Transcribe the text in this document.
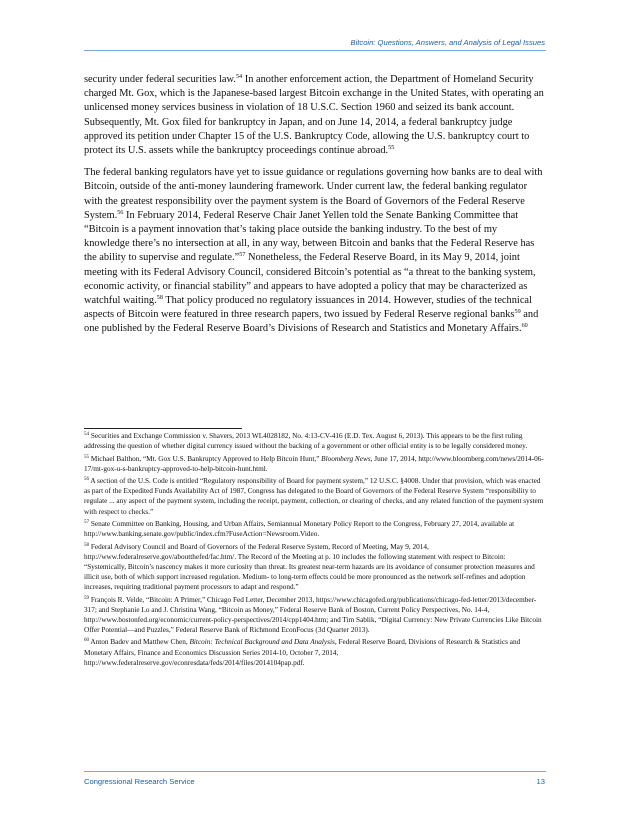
Bitcoin: Questions, Answers, and Analysis of Legal Issues

security under federal securities law.$^{54}$ In another enforcement action, the Department of Homeland Security charged Mt. Gox, which is the Japanese-based largest Bitcoin exchange in the United States, with operating an unlicensed money services business in violation of 18 U.S.C. Section 1960 and seized its bank account. Subsequently, Mt. Gox filed for bankruptcy in Japan, and on June 14, 2014, a federal bankruptcy judge approved its petition under Chapter 15 of the U.S. Bankruptcy Code, allowing the U.S. bankruptcy court to protect its U.S. assets while the bankruptcy proceedings continue abroad.$^{55}$

The federal banking regulators have yet to issue guidance or regulations governing how banks are to deal with Bitcoin, outside of the anti-money laundering framework. Under current law, the federal banking regulator with the greatest responsibility over the payment system is the Board of Governors of the Federal Reserve System.$^{56}$ In February 2014, Federal Reserve Chair Janet Yellen told the Senate Banking Committee that “Bitcoin is a payment innovation that’s taking place outside the banking industry. To the best of my knowledge there’s no intersection at all, in any way, between Bitcoin and banks that the Federal Reserve has the ability to supervise and regulate.”$^{57}$ Nonetheless, the Federal Reserve Board, in its May 9, 2014, joint meeting with its Federal Advisory Council, considered Bitcoin’s potential as “a threat to the banking system, economic activity, or financial stability” and appears to have adopted a policy that may be characterized as watchful waiting.$^{58}$ That policy produced no regulatory issuances in 2014. However, studies of the technical aspects of Bitcoin were featured in three research papers, two issued by Federal Reserve regional banks$^{59}$ and one published by the Federal Reserve Board’s Divisions of Research and Statistics and Monetary Affairs.$^{60}$

$^{54}$ Securities and Exchange Commission v. Shavers, 2013 WL4028182, No. 4:13-CV-416 (E.D. Tex. August 6, 2013). This appears to be the first ruling addressing the question of whether digital currency issued without the backing of a government or other official entity is to be legally considered money.
$^{55}$ Michael Balthon, “Mt. Gox U.S. Bankruptcy Approved to Help Bitcoin Hunt,” Bloomberg News, June 17, 2014, http://www.bloomberg.com/news/2014-06-17/mt-gox-u-s-bankruptcy-approved-to-help-bitcoin-hunt.html.
$^{56}$ A section of the U.S. Code is entitled “Regulatory responsibility of Board for payment system,” 12 U.S.C. §4008. Under that provision, which was enacted as part of the Expedited Funds Availability Act of 1987, Congress has delegated to the Board of Governors of the Federal Reserve System “responsibility to regulate ... any aspect of the payment system, including the receipt, payment, collection, or clearing of checks, and any related function of the payment system with respect to checks.”
$^{57}$ Senate Committee on Banking, Housing, and Urban Affairs, Semiannual Monetary Policy Report to the Congress, February 27, 2014, available at http://www.banking.senate.gov/public/index.cfm?FuseAction=Newsroom.Video.
$^{58}$ Federal Advisory Council and Board of Governors of the Federal Reserve System, Record of Meeting, May 9, 2014, http://www.federalreserve.gov/aboutthefed/fac.htm/. The Record of the Meeting at p. 10 includes the following statement with respect to Bitcoin: “Systemically, Bitcoin’s nascency makes it more curiosity than threat. Its greatest near-term hazards are its avoidance of consumer protection measures and illicit use, both of which support increased regulation. Medium- to long-term effects could be more pronounced as the network self-refines and adoption increases, requiring traditional payment processors to adapt and respond.”
$^{59}$ François R. Velde, “Bitcoin: A Primer,” Chicago Fed Letter, December 2013, https://www.chicagofed.org/publications/chicago-fed-letter/2013/december-317; and Stephanie Lo and J. Christina Wang, “Bitcoin as Money,” Federal Reserve Bank of Boston, Current Policy Perspectives, No. 14-4, http://www.bostonfed.org/economic/current-policy-perspectives/2014/cpp1404.htm; and Tim Sablik, “Digital Currency: New Private Currencies Like Bitcoin Offer Potential—and Puzzles,” Federal Reserve Bank of Richmond EconFocus (3d Quarter 2013).
$^{60}$ Anton Badev and Matthew Chen, Bitcoin: Technical Background and Data Analysis, Federal Reserve Board, Divisions of Research & Statistics and Monetary Affairs, Finance and Economics Discussion Series 2014-10, October 7, 2014, http://www.federalreserve.gov/econresdata/feds/2014/files/2014104pap.pdf.
Congressional Research Service	13
